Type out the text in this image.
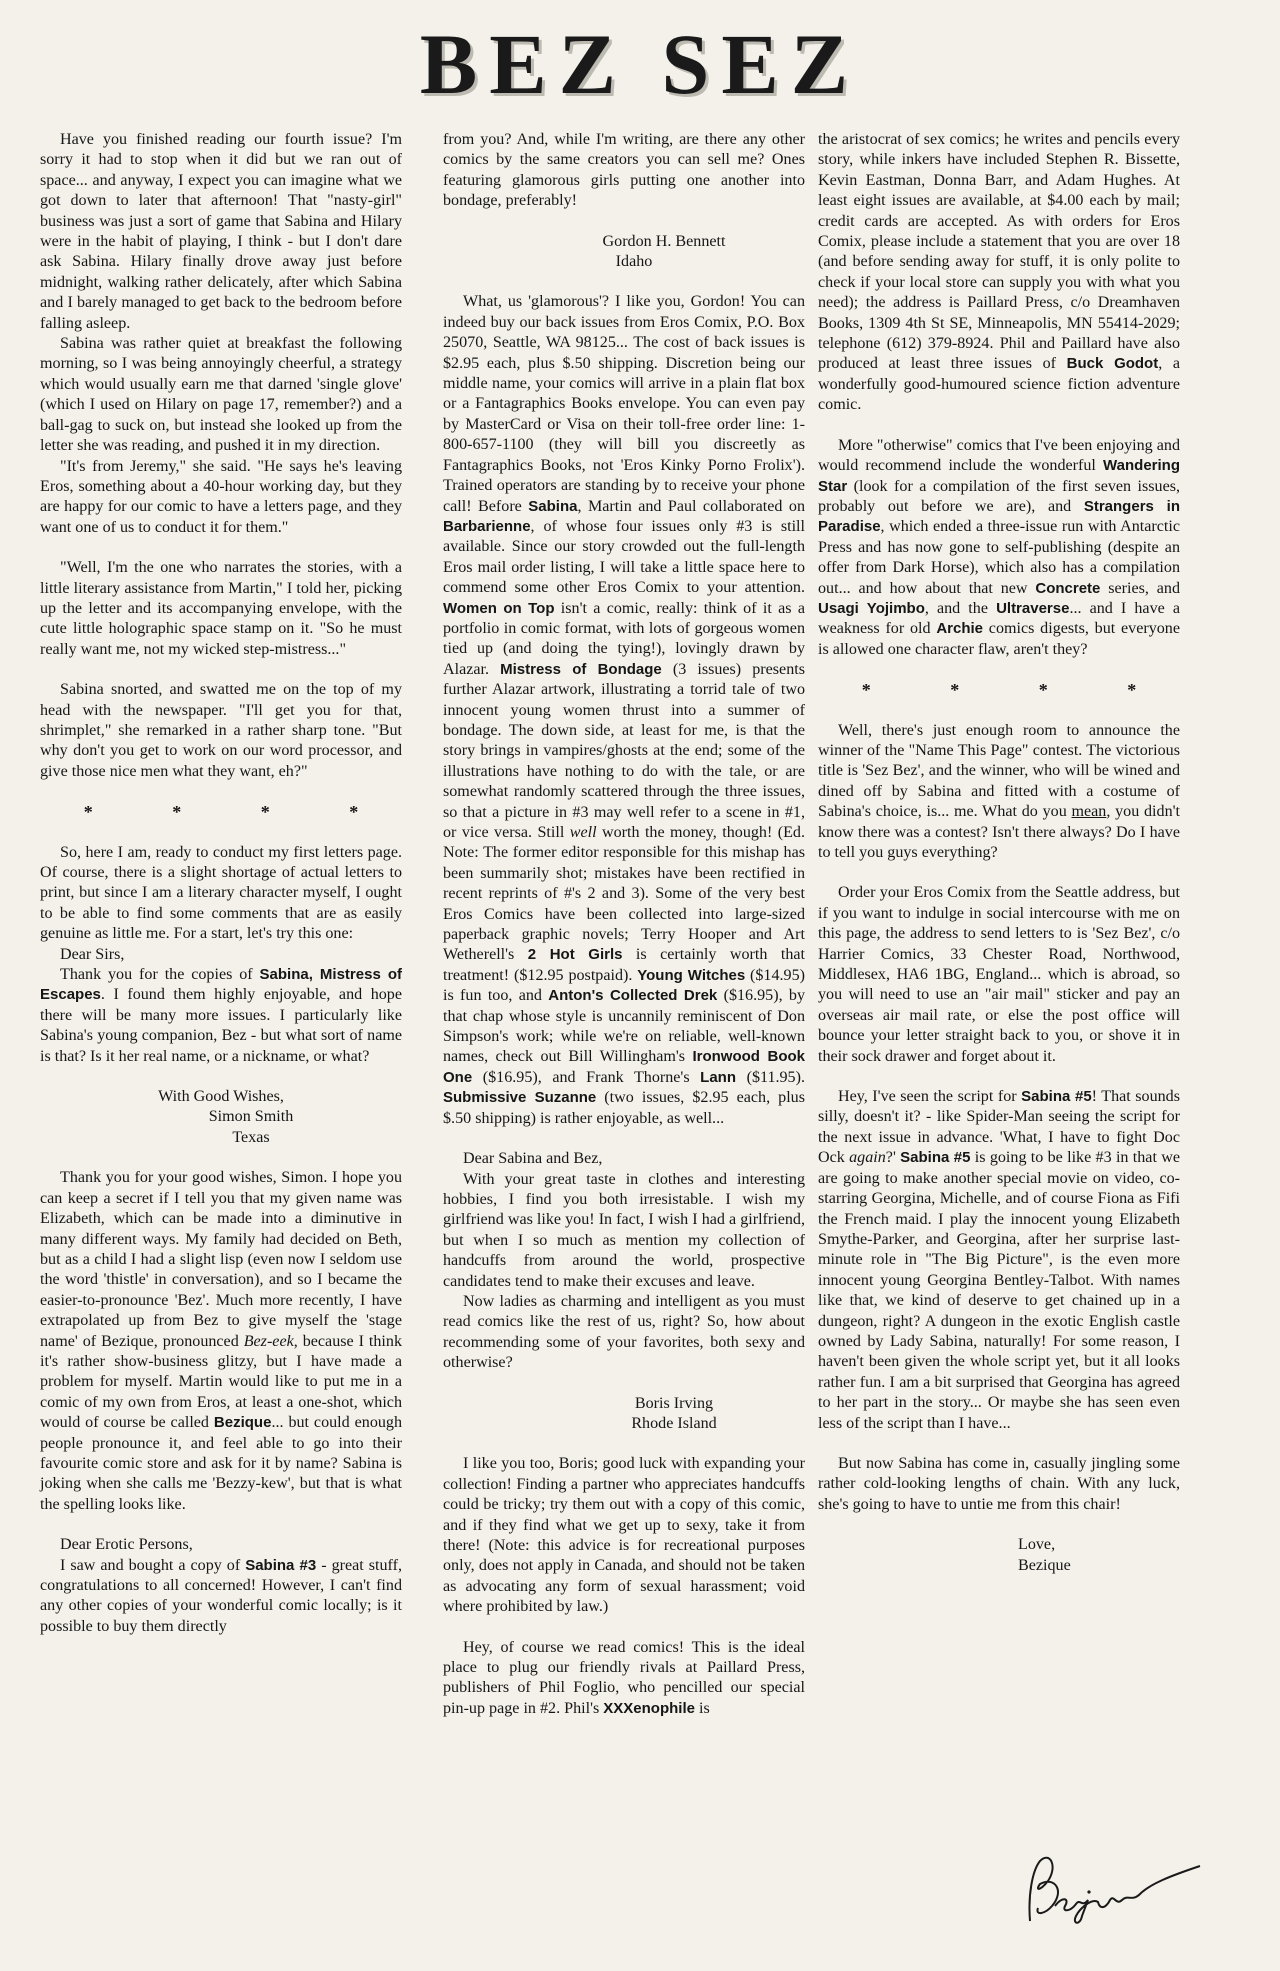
BEZ SEZ

Have you finished reading our fourth issue? I'm sorry it had to stop when it did but we ran out of space... and anyway, I expect you can imagine what we got down to later that afternoon! That "nasty-girl" business was just a sort of game that Sabina and Hilary were in the habit of playing, I think - but I don't dare ask Sabina. Hilary finally drove away just before midnight, walking rather delicately, after which Sabina and I barely managed to get back to the bedroom before falling asleep.

Sabina was rather quiet at breakfast the following morning, so I was being annoyingly cheerful, a strategy which would usually earn me that darned 'single glove' (which I used on Hilary on page 17, remember?) and a ball-gag to suck on, but instead she looked up from the letter she was reading, and pushed it in my direction.

"It's from Jeremy," she said. "He says he's leaving Eros, something about a 40-hour working day, but they are happy for our comic to have a letters page, and they want one of us to conduct it for them."

"Well, I'm the one who narrates the stories, with a little literary assistance from Martin," I told her, picking up the letter and its accompanying envelope, with the cute little holographic space stamp on it. "So he must really want me, not my wicked step-mistress..."

Sabina snorted, and swatted me on the top of my head with the newspaper. "I'll get you for that, shrimplet," she remarked in a rather sharp tone. "But why don't you get to work on our word processor, and give those nice men what they want, eh?"

*	*	*	*

So, here I am, ready to conduct my first letters page. Of course, there is a slight shortage of actual letters to print, but since I am a literary character myself, I ought to be able to find some comments that are as easily genuine as little me. For a start, let's try this one:

Dear Sirs,

Thank you for the copies of Sabina, Mistress of Escapes. I found them highly enjoyable, and hope there will be many more issues. I particularly like Sabina's young companion, Bez - but what sort of name is that? Is it her real name, or a nickname, or what?

With Good Wishes,

Simon Smith

Texas

Thank you for your good wishes, Simon. I hope you can keep a secret if I tell you that my given name was Elizabeth, which can be made into a diminutive in many different ways. My family had decided on Beth, but as a child I had a slight lisp (even now I seldom use the word 'thistle' in conversation), and so I became the easier-to-pronounce 'Bez'. Much more recently, I have extrapolated up from Bez to give myself the 'stage name' of Bezique, pronounced Bez-eek, because I think it's rather show-business glitzy, but I have made a problem for myself. Martin would like to put me in a comic of my own from Eros, at least a one-shot, which would of course be called Bezique... but could enough people pronounce it, and feel able to go into their favourite comic store and ask for it by name? Sabina is joking when she calls me 'Bezzy-kew', but that is what the spelling looks like.

Dear Erotic Persons,

I saw and bought a copy of Sabina #3 - great stuff, congratulations to all concerned! However, I can't find any other copies of your wonderful comic locally; is it possible to buy them directly

from you? And, while I'm writing, are there any other comics by the same creators you can sell me? Ones featuring glamorous girls putting one another into bondage, preferably!

Gordon H. Bennett

Idaho

What, us 'glamorous'? I like you, Gordon! You can indeed buy our back issues from Eros Comix, P.O. Box 25070, Seattle, WA 98125... The cost of back issues is $2.95 each, plus $.50 shipping. Discretion being our middle name, your comics will arrive in a plain flat box or a Fantagraphics Books envelope. You can even pay by MasterCard or Visa on their toll-free order line: 1-800-657-1100 (they will bill you discreetly as Fantagraphics Books, not 'Eros Kinky Porno Frolix'). Trained operators are standing by to receive your phone call! Before Sabina, Martin and Paul collaborated on Barbarienne, of whose four issues only #3 is still available. Since our story crowded out the full-length Eros mail order listing, I will take a little space here to commend some other Eros Comix to your attention. Women on Top isn't a comic, really: think of it as a portfolio in comic format, with lots of gorgeous women tied up (and doing the tying!), lovingly drawn by Alazar. Mistress of Bondage (3 issues) presents further Alazar artwork, illustrating a torrid tale of two innocent young women thrust into a summer of bondage. The down side, at least for me, is that the story brings in vampires/ghosts at the end; some of the illustrations have nothing to do with the tale, or are somewhat randomly scattered through the three issues, so that a picture in #3 may well refer to a scene in #1, or vice versa. Still well worth the money, though! (Ed. Note: The former editor responsible for this mishap has been summarily shot; mistakes have been rectified in recent reprints of #'s 2 and 3). Some of the very best Eros Comics have been collected into large-sized paperback graphic novels; Terry Hooper and Art Wetherell's 2 Hot Girls is certainly worth that treatment! ($12.95 postpaid). Young Witches ($14.95) is fun too, and Anton's Collected Drek ($16.95), by that chap whose style is uncannily reminiscent of Don Simpson's work; while we're on reliable, well-known names, check out Bill Willingham's Ironwood Book One ($16.95), and Frank Thorne's Lann ($11.95). Submissive Suzanne (two issues, $2.95 each, plus $.50 shipping) is rather enjoyable, as well...

Dear Sabina and Bez,

With your great taste in clothes and interesting hobbies, I find you both irresistable. I wish my girlfriend was like you! In fact, I wish I had a girlfriend, but when I so much as mention my collection of handcuffs from around the world, prospective candidates tend to make their excuses and leave.

Now ladies as charming and intelligent as you must read comics like the rest of us, right? So, how about recommending some of your favorites, both sexy and otherwise?

Boris Irving

Rhode Island

I like you too, Boris; good luck with expanding your collection! Finding a partner who appreciates handcuffs could be tricky; try them out with a copy of this comic, and if they find what we get up to sexy, take it from there! (Note: this advice is for recreational purposes only, does not apply in Canada, and should not be taken as advocating any form of sexual harassment; void where prohibited by law.)

Hey, of course we read comics! This is the ideal place to plug our friendly rivals at Paillard Press, publishers of Phil Foglio, who pencilled our special pin-up page in #2. Phil's XXXenophile is

the aristocrat of sex comics; he writes and pencils every story, while inkers have included Stephen R. Bissette, Kevin Eastman, Donna Barr, and Adam Hughes. At least eight issues are available, at $4.00 each by mail; credit cards are accepted. As with orders for Eros Comix, please include a statement that you are over 18 (and before sending away for stuff, it is only polite to check if your local store can supply you with what you need); the address is Paillard Press, c/o Dreamhaven Books, 1309 4th St SE, Minneapolis, MN 55414-2029; telephone (612) 379-8924. Phil and Paillard have also produced at least three issues of Buck Godot, a wonderfully good-humoured science fiction adventure comic.

More "otherwise" comics that I've been enjoying and would recommend include the wonderful Wandering Star (look for a compilation of the first seven issues, probably out before we are), and Strangers in Paradise, which ended a three-issue run with Antarctic Press and has now gone to self-publishing (despite an offer from Dark Horse), which also has a compilation out... and how about that new Concrete series, and Usagi Yojimbo, and the Ultraverse... and I have a weakness for old Archie comics digests, but everyone is allowed one character flaw, aren't they?

*	*	*	*

Well, there's just enough room to announce the winner of the "Name This Page" contest. The victorious title is 'Sez Bez', and the winner, who will be wined and dined off by Sabina and fitted with a costume of Sabina's choice, is... me. What do you mean, you didn't know there was a contest? Isn't there always? Do I have to tell you guys everything?

Order your Eros Comix from the Seattle address, but if you want to indulge in social intercourse with me on this page, the address to send letters to is 'Sez Bez', c/o Harrier Comics, 33 Chester Road, Northwood, Middlesex, HA6 1BG, England... which is abroad, so you will need to use an "air mail" sticker and pay an overseas air mail rate, or else the post office will bounce your letter straight back to you, or shove it in their sock drawer and forget about it.

Hey, I've seen the script for Sabina #5! That sounds silly, doesn't it? - like Spider-Man seeing the script for the next issue in advance. 'What, I have to fight Doc Ock again?' Sabina #5 is going to be like #3 in that we are going to make another special movie on video, co-starring Georgina, Michelle, and of course Fiona as Fifi the French maid. I play the innocent young Elizabeth Smythe-Parker, and Georgina, after her surprise last-minute role in "The Big Picture", is the even more innocent young Georgina Bentley-Talbot. With names like that, we kind of deserve to get chained up in a dungeon, right? A dungeon in the exotic English castle owned by Lady Sabina, naturally! For some reason, I haven't been given the whole script yet, but it all looks rather fun. I am a bit surprised that Georgina has agreed to her part in the story... Or maybe she has seen even less of the script than I have...

But now Sabina has come in, casually jingling some rather cold-looking lengths of chain. With any luck, she's going to have to untie me from this chair!

Love,

Bezique
